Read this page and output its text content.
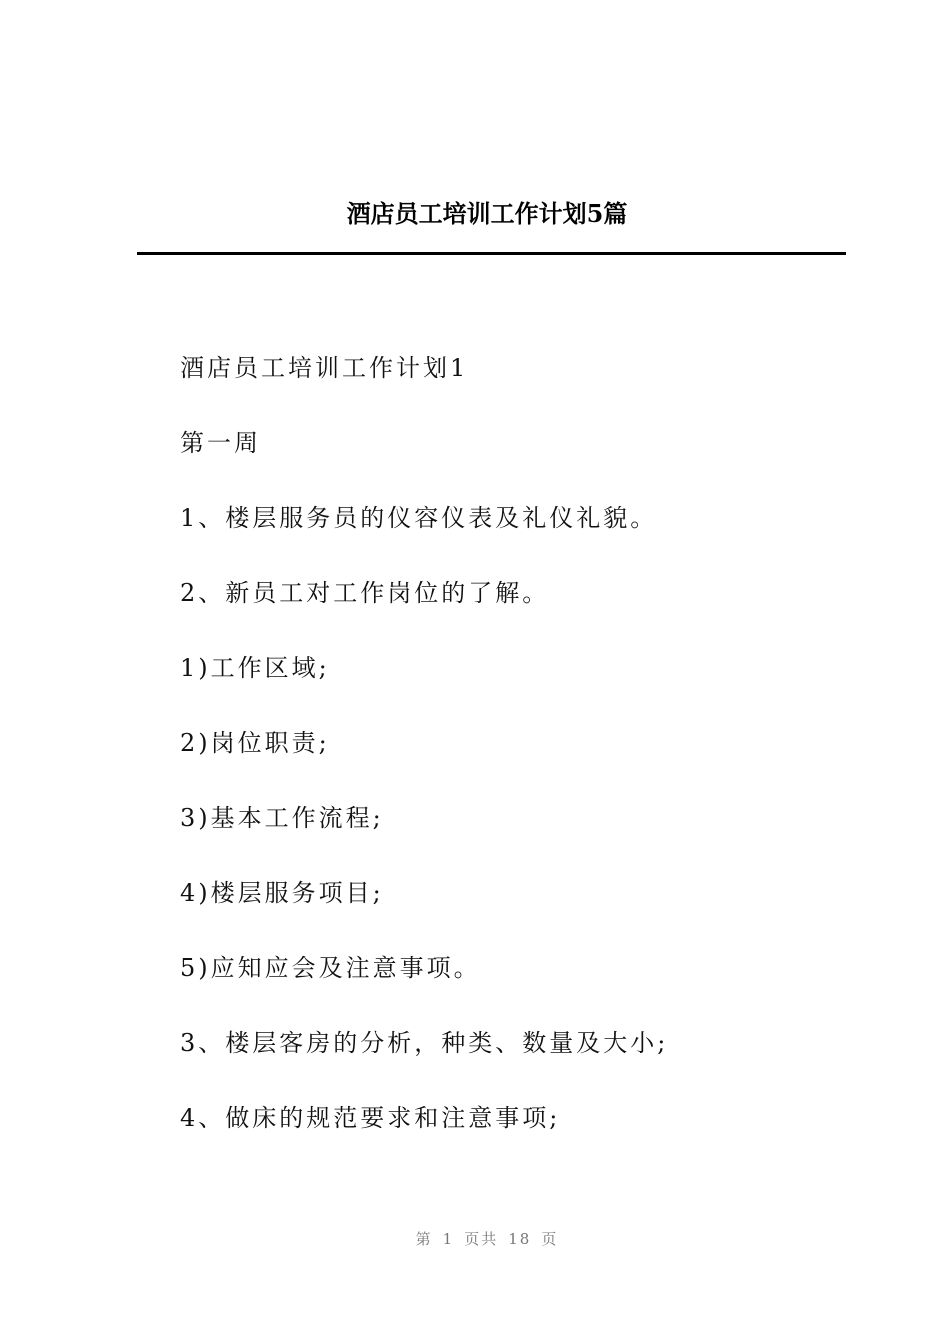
酒店员工培训工作计划5篇
酒店员工培训工作计划1
第一周
1、楼层服务员的仪容仪表及礼仪礼貌。
2、新员工对工作岗位的了解。
1)工作区域;
2)岗位职责;
3)基本工作流程;
4)楼层服务项目;
5)应知应会及注意事项。
3、楼层客房的分析，种类、数量及大小;
4、做床的规范要求和注意事项;
第 1 页共 18 页
